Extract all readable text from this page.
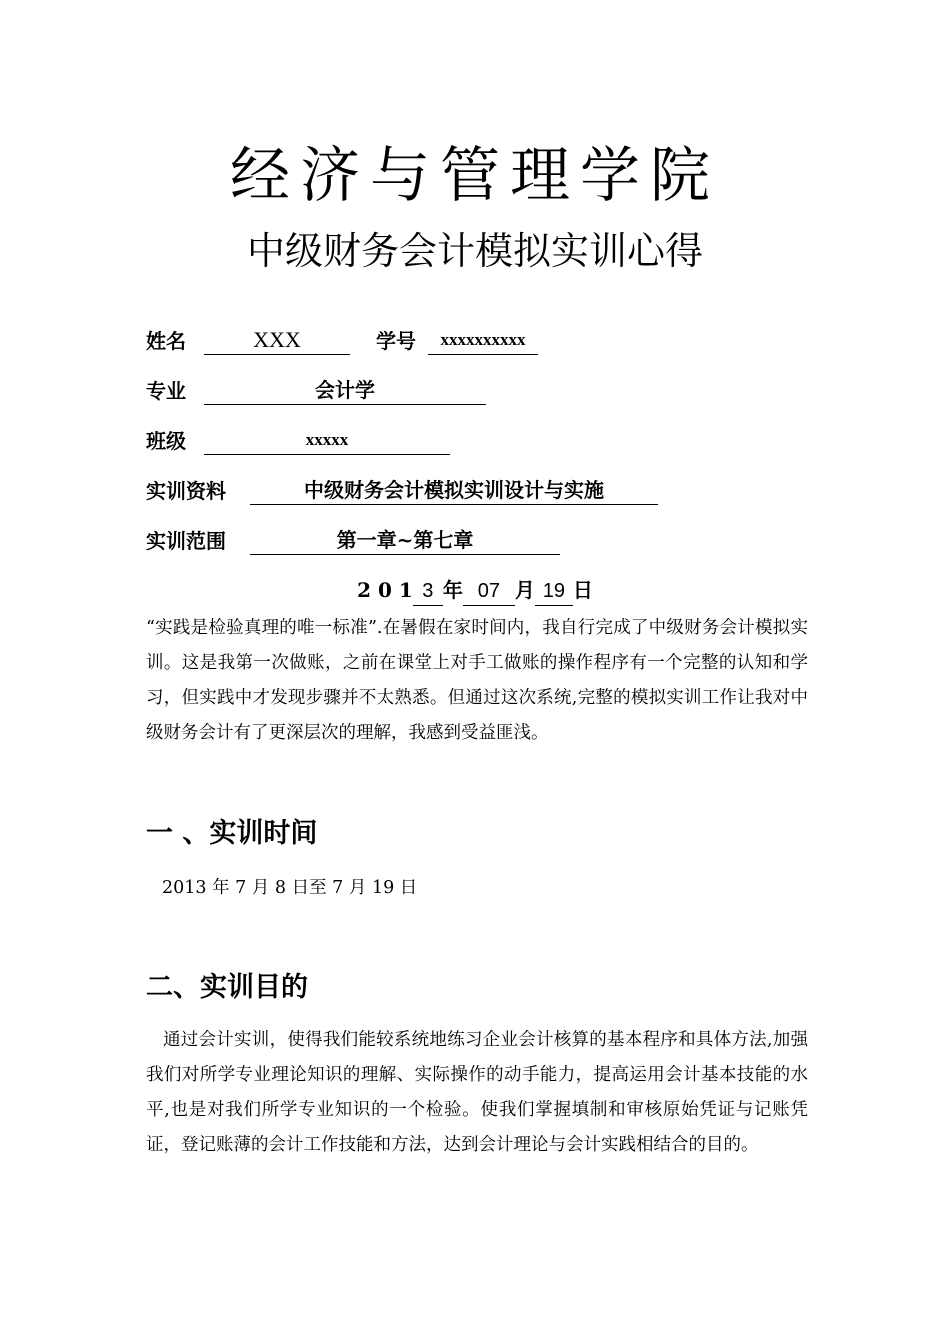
经济与管理学院
中级财务会计模拟实训心得
姓名	XXX	学号 xxxxxxxxxx
专业	会计学
班级	xxxxx
实训资料	中级财务会计模拟实训设计与实施
实训范围	第一章~第七章
2 0 1 3 年 07 月 19 日
“实践是检验真理的唯一标准”.在暑假在家时间内，我自行完成了中级财务会计模拟实训。这是我第一次做账，之前在课堂上对手工做账的操作程序有一个完整的认知和学习，但实践中才发现步骤并不太熟悉。但通过这次系统,完整的模拟实训工作让我对中级财务会计有了更深层次的理解，我感到受益匪浅。
一 、实训时间
2013 年 7 月 8 日至 7 月 19 日
二、实训目的
通过会计实训，使得我们能较系统地练习企业会计核算的基本程序和具体方法,加强我们对所学专业理论知识的理解、实际操作的动手能力，提高运用会计基本技能的水平,也是对我们所学专业知识的一个检验。使我们掌握填制和审核原始凭证与记账凭证，登记账薄的会计工作技能和方法，达到会计理论与会计实践相结合的目的。
